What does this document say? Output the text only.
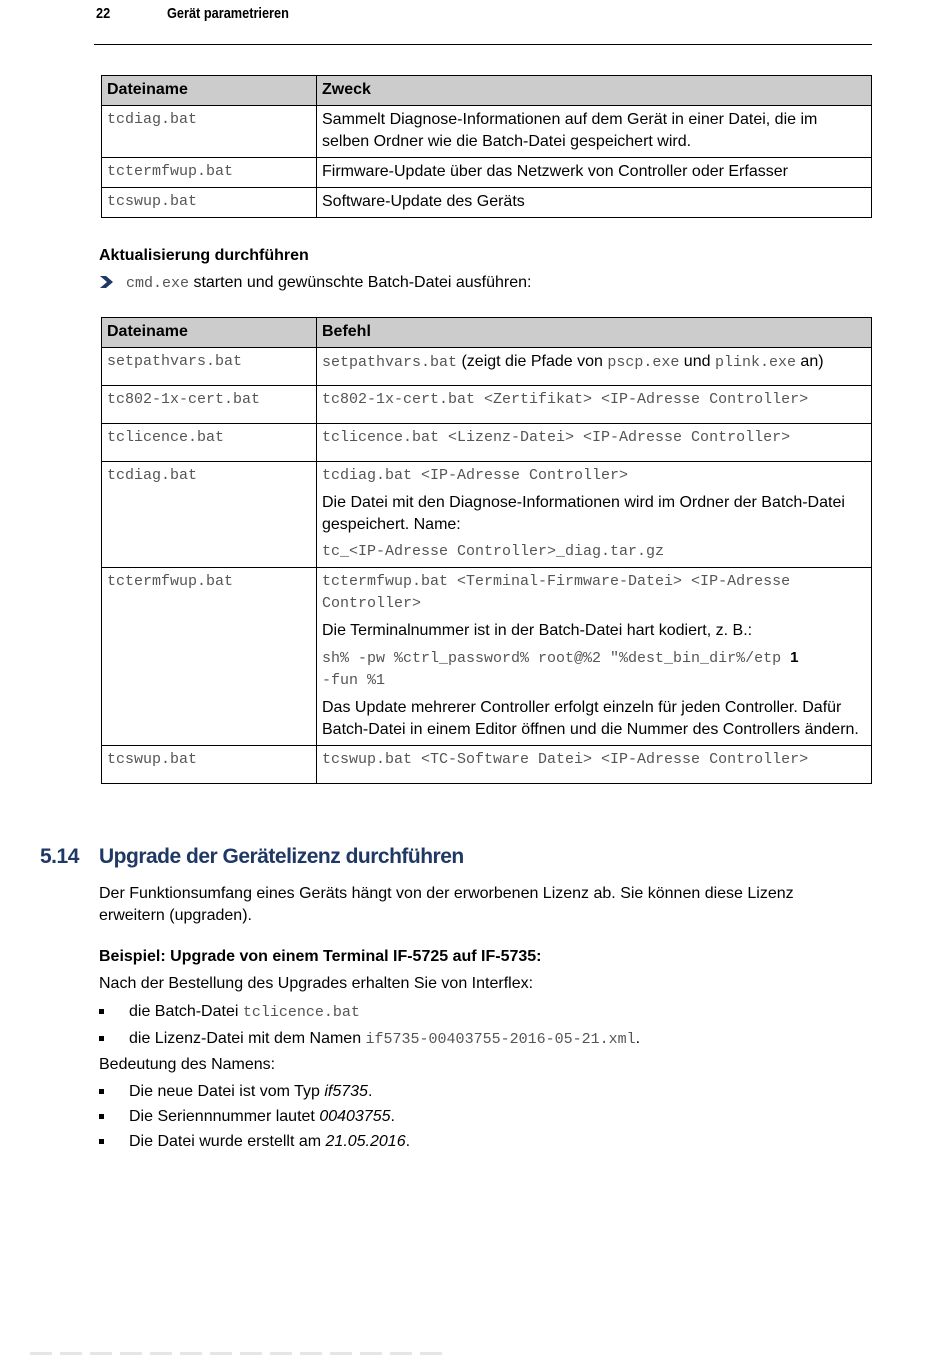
22	Gerät parametrieren
Dateiname	Zweck
tcdiag.bat	Sammelt Diagnose-Informationen auf dem Gerät in einer Datei, die im selben Ordner wie die Batch-Datei gespeichert wird.
tctermfwup.bat	Firmware-Update über das Netzwerk von Controller oder Erfasser
tcswup.bat	Software-Update des Geräts
Aktualisierung durchführen
cmd.exe starten und gewünschte Batch-Datei ausführen:
Dateiname	Befehl
setpathvars.bat	setpathvars.bat (zeigt die Pfade von pscp.exe und plink.exe an)
tc802-1x-cert.bat	tc802-1x-cert.bat <Zertifikat> <IP-Adresse Controller>
tclicence.bat	tclicence.bat <Lizenz-Datei> <IP-Adresse Controller>
tcdiag.bat	tcdiag.bat <IP-Adresse Controller>

Die Datei mit den Diagnose-Informationen wird im Ordner der Batch-Datei gespeichert. Name:

tc_<IP-Adresse Controller>_diag.tar.gz

tctermfwup.bat	tctermfwup.bat <Terminal-Firmware-Datei> <IP-Adresse Controller>

Die Terminalnummer ist in der Batch-Datei hart kodiert, z. B.:

sh% -pw %ctrl_password% root@%2 "%dest_bin_dir%/etp 1
-fun %1

Das Update mehrerer Controller erfolgt einzeln für jeden Controller. Dafür Batch-Datei in einem Editor öffnen und die Nummer des Controllers ändern.

tcswup.bat	tcswup.bat <TC-Software Datei> <IP-Adresse Controller>
5.14 Upgrade der Gerätelizenz durchführen
Der Funktionsumfang eines Geräts hängt von der erworbenen Lizenz ab. Sie können diese Lizenz erweitern (upgraden).
Beispiel: Upgrade von einem Terminal IF-5725 auf IF-5735:
Nach der Bestellung des Upgrades erhalten Sie von Interflex:
die Batch-Datei tclicence.bat
die Lizenz-Datei mit dem Namen if5735-00403755-2016-05-21.xml.
Bedeutung des Namens:
Die neue Datei ist vom Typ if5735.
Die Seriennnummer lautet 00403755.
Die Datei wurde erstellt am 21.05.2016.
